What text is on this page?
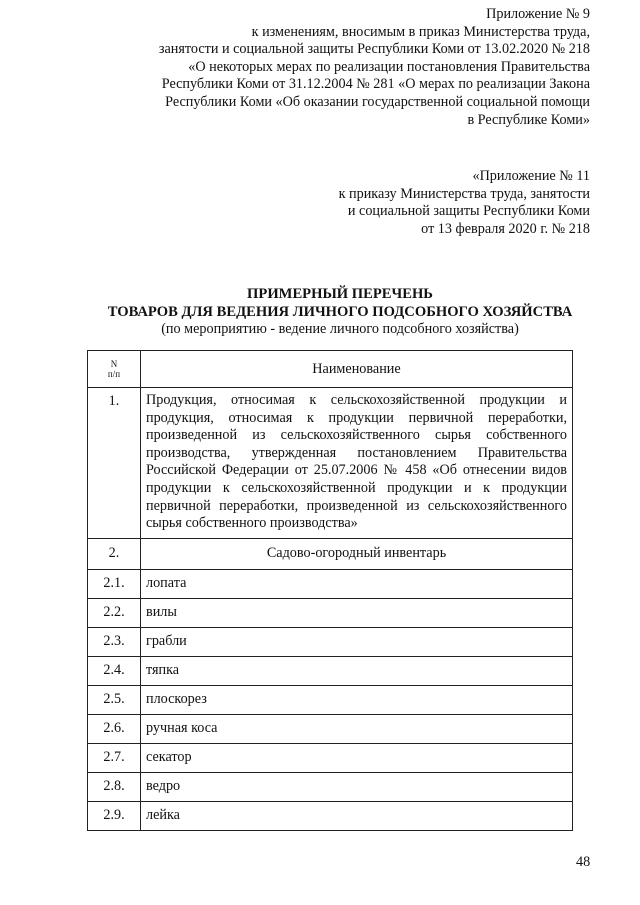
Приложение № 9
к изменениям, вносимым в приказ Министерства труда,
занятости и социальной защиты Республики Коми от 13.02.2020 № 218
«О некоторых мерах по реализации постановления Правительства
Республики Коми от 31.12.2004 № 281 «О мерах по реализации Закона
Республики Коми «Об оказании государственной социальной помощи
в Республике Коми»
«Приложение № 11
к приказу Министерства труда, занятости
и социальной защиты Республики Коми
от 13 февраля 2020 г. № 218
ПРИМЕРНЫЙ ПЕРЕЧЕНЬ
ТОВАРОВ ДЛЯ ВЕДЕНИЯ ЛИЧНОГО ПОДСОБНОГО ХОЗЯЙСТВА
(по мероприятию - ведение личного подсобного хозяйства)
N
п/п	Наименование
1.	Продукция, относимая к сельскохозяйственной продукции и продукция, относимая к продукции первичной переработки, произведенной из сельскохозяйственного сырья собственного производства, утвержденная постановлением Правительства Российской Федерации от 25.07.2006 № 458 «Об отнесении видов продукции к сельскохозяйственной продукции и к продукции первичной переработки, произведенной из сельскохозяйственного сырья собственного производства»
2.	Садово-огородный инвентарь
2.1.	лопата
2.2.	вилы
2.3.	грабли
2.4.	тяпка
2.5.	плоскорез
2.6.	ручная коса
2.7.	секатор
2.8.	ведро
2.9.	лейка
48
